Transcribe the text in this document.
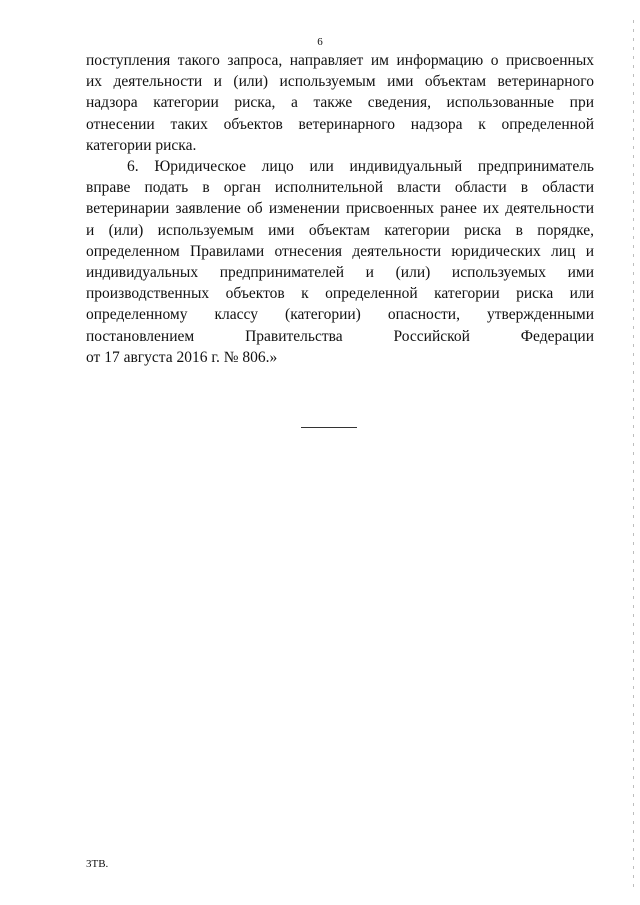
6
поступления такого запроса, направляет им информацию о присвоенных
их деятельности и (или) используемым ими объектам ветеринарного
надзора категории риска, а также сведения, использованные при
отнесении таких объектов ветеринарного надзора к определенной
категории риска.
6. Юридическое лицо или индивидуальный предприниматель
вправе подать в орган исполнительной власти области в области
ветеринарии заявление об изменении присвоенных ранее их деятельности
и (или) используемым ими объектам категории риска в порядке,
определенном Правилами отнесения деятельности юридических лиц и
индивидуальных предпринимателей и (или) используемых ими
производственных объектов к определенной категории риска или
определенному классу (категории) опасности, утвержденными
постановлением Правительства Российской Федерации
от 17 августа 2016 г. № 806.»
3ТВ.
